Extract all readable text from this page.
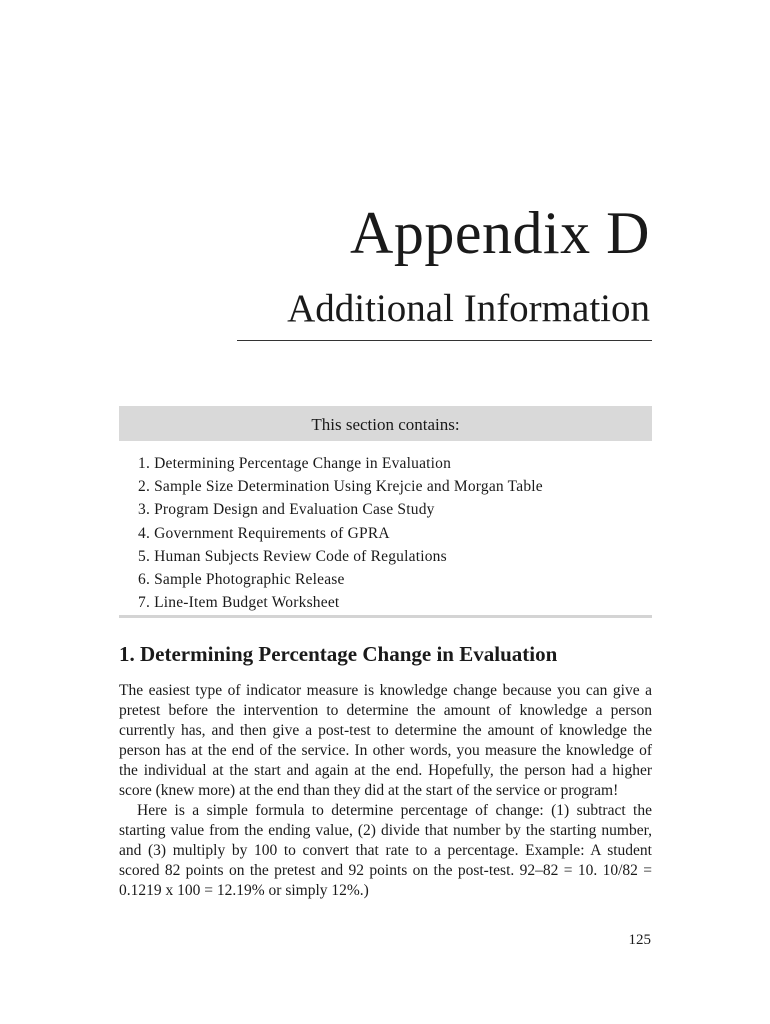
Appendix D
Additional Information
This section contains:
1. Determining Percentage Change in Evaluation
2. Sample Size Determination Using Krejcie and Morgan Table
3. Program Design and Evaluation Case Study
4. Government Requirements of GPRA
5. Human Subjects Review Code of Regulations
6. Sample Photographic Release
7. Line-Item Budget Worksheet
1. Determining Percentage Change in Evaluation

The easiest type of indicator measure is knowledge change because you can give a pretest before the intervention to determine the amount of knowledge a person currently has, and then give a post-test to determine the amount of knowledge the person has at the end of the service. In other words, you measure the knowledge of the individual at the start and again at the end. Hopefully, the person had a higher score (knew more) at the end than they did at the start of the service or program!

Here is a simple formula to determine percentage of change: (1) subtract the starting value from the ending value, (2) divide that number by the starting number, and (3) multiply by 100 to convert that rate to a percentage. Example: A student scored 82 points on the pretest and 92 points on the post-test. 92–82 = 10. 10/82 = 0.1219 x 100 = 12.19% or simply 12%.)

125
